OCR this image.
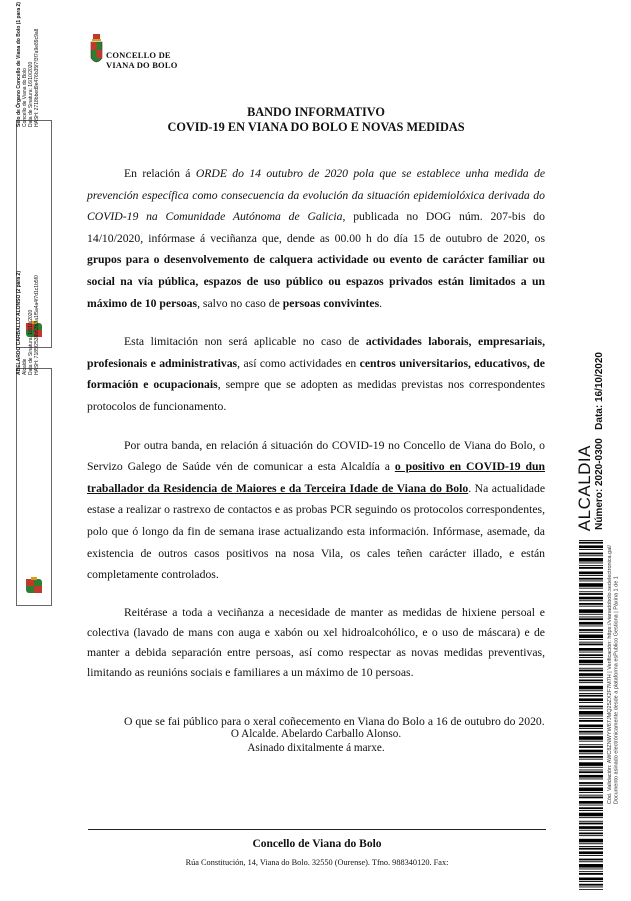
CONCELLO DE
VIANA DO BOLO
Selo de Órgano Concello de Viana do Bolo (1 para 2) Concello de Viana do Bolo Data de Sinatura: 16/10/2020 HASH: 2718bbed9e476b35f7f3f7a9e89c9a8
ABELARDO CARBALLO ALONSO (2 para 2) Alcalde Data de Sinatura: 16/10/2020 HASH: 7185f2538b53b3a1f5a4a4f7d1c1b5f0
BANDO INFORMATIVO
COVID-19 EN VIANA DO BOLO E NOVAS MEDIDAS

En relación á ORDE do 14 outubro de 2020 pola que se establece unha medida de prevención específica como consecuencia da evolución da situación epidemiolóxica derivada do COVID-19 na Comunidade Autónoma de Galicia, publicada no DOG núm. 207-bis do 14/10/2020, infórmase á veciñanza que, dende as 00.00 h do día 15 de outubro de 2020, os grupos para o desenvolvemento de calquera actividade ou evento de carácter familiar ou social na vía pública, espazos de uso público ou espazos privados están limitados a un máximo de 10 persoas, salvo no caso de persoas convivintes.

Esta limitación non será aplicable no caso de actividades laborais, empresariais, profesionais e administrativas, así como actividades en centros universitarios, educativos, de formación e ocupacionais, sempre que se adopten as medidas previstas nos correspondentes protocolos de funcionamento.

Por outra banda, en relación á situación do COVID-19 no Concello de Viana do Bolo, o Servizo Galego de Saúde vén de comunicar a esta Alcaldía a o positivo en COVID-19 dun traballador da Residencia de Maiores e da Terceira Idade de Viana do Bolo. Na actualidade estase a realizar o rastrexo de contactos e as probas PCR seguindo os protocolos correspondentes, polo que ó longo da fin de semana irase actualizando esta información. Infórmase, asemade, da existencia de outros casos positivos na nosa Vila, os cales teñen carácter illado, e están completamente controlados.

Reitérase a toda a veciñanza a necesidade de manter as medidas de hixiene persoal e colectiva (lavado de mans con auga e xabón ou xel hidroalcohólico, e o uso de máscara) e de manter a debida separación entre persoas, así como respectar as novas medidas preventivas, limitando as reunións sociais e familiares a un máximo de 10 persoas.

O que se fai público para o xeral coñecemento en Viana do Bolo a 16 de outubro do 2020.

O Alcalde. Abelardo Carballo Alonso.
Asinado dixitalmente á marxe.
Concello de Viana do Bolo
Rúa Constitución, 14, Viana do Bolo. 32550 (Ourense). Tfno. 988340120. Fax:
ALCALDIA Número: 2020-0300   Data: 16/10/2020
Cód. Validación: AWC8ZNWYW67JMQ25ZX2F7M7H | Verificación: https://vianadobolo.sedelectronica.gal/ Documento asinado electrónicamente desde a plataforma esPublico Gestiona | Páxina 1 de 1
